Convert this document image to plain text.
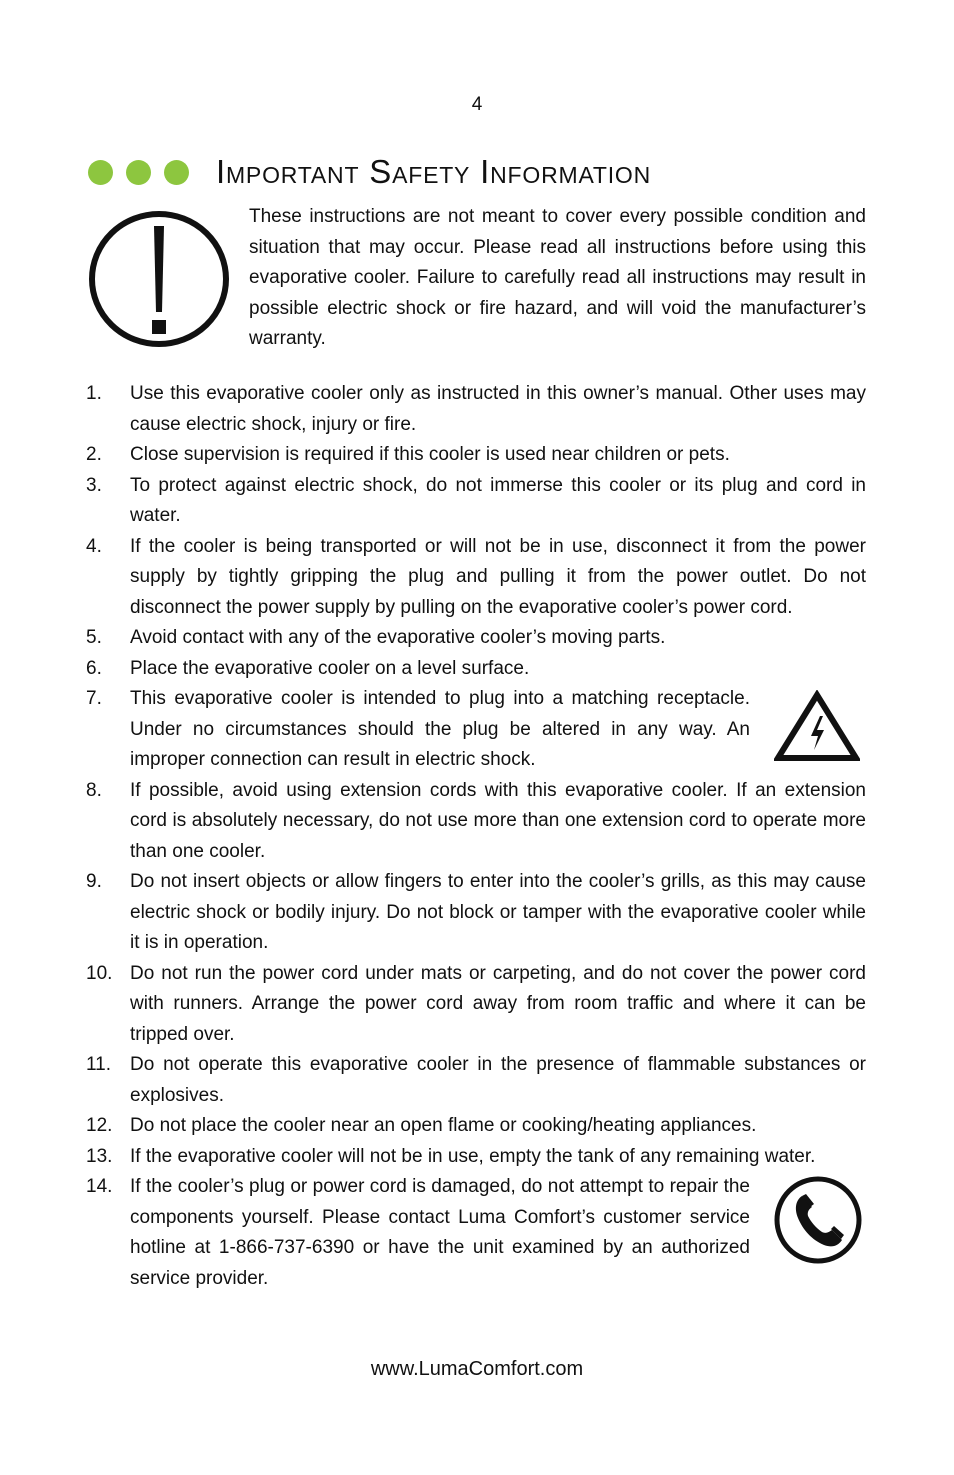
4
Important Safety Information

These instructions are not meant to cover every possible condition and situation that may occur. Please read all instructions before using this evaporative cooler. Failure to carefully read all instructions may result in possible electric shock or fire hazard, and will void the manufacturer’s warranty.

1.	Use this evaporative cooler only as instructed in this owner’s manual. Other uses may cause electric shock, injury or fire.
2.	Close supervision is required if this cooler is used near children or pets.
3.	To protect against electric shock, do not immerse this cooler or its plug and cord in water.
4.	If the cooler is being transported or will not be in use, disconnect it from the power supply by tightly gripping the plug and pulling it from the power outlet. Do not disconnect the power supply by pulling on the evaporative cooler’s power cord.
5.	Avoid contact with any of the evaporative cooler’s moving parts.
6.	Place the evaporative cooler on a level surface.
7.	This evaporative cooler is intended to plug into a matching receptacle. Under no circumstances should the plug be altered in any way. An improper connection can result in electric shock.
8.	If possible, avoid using extension cords with this evaporative cooler. If an extension cord is absolutely necessary, do not use more than one extension cord to operate more than one cooler.
9.	Do not insert objects or allow fingers to enter into the cooler’s grills, as this may cause electric shock or bodily injury. Do not block or tamper with the evaporative cooler while it is in operation.
10. Do not run the power cord under mats or carpeting, and do not cover the power cord with runners. Arrange the power cord away from room traffic and where it can be tripped over.
11. Do not operate this evaporative cooler in the presence of flammable substances or explosives.
12. Do not place the cooler near an open flame or cooking/heating appliances.
13. If the evaporative cooler will not be in use, empty the tank of any remaining water.
14. If the cooler’s plug or power cord is damaged, do not attempt to repair the components yourself. Please contact Luma Comfort’s customer service hotline at 1-866-737-6390 or have the unit examined by an authorized service provider.
www.LumaComfort.com
